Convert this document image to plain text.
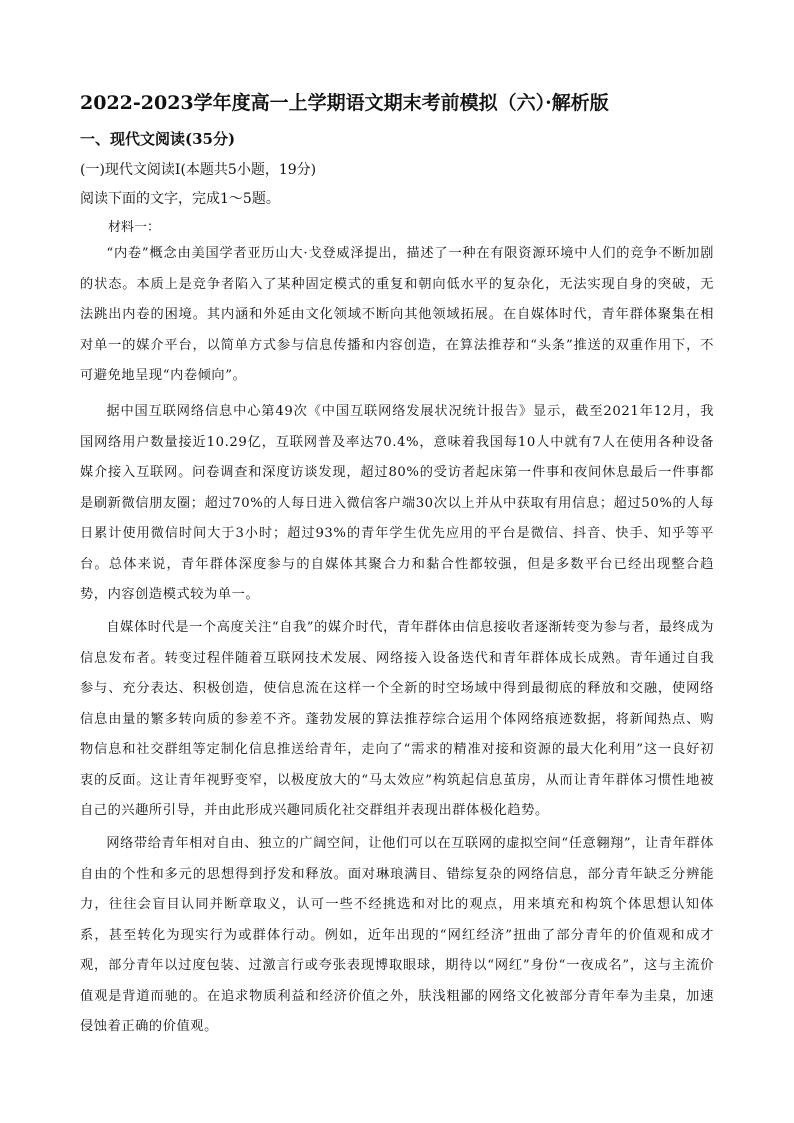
2022-2023学年度高一上学期语文期末考前模拟（六）·解析版
一、现代文阅读(35分)
(一)现代文阅读Ⅰ(本题共5小题，19分)
阅读下面的文字，完成1～5题。
材料一：

“内卷”概念由美国学者亚历山大·戈登威泽提出，描述了一种在有限资源环境中人们的竞争不断加剧的状态。本质上是竞争者陷入了某种固定模式的重复和朝向低水平的复杂化，无法实现自身的突破，无法跳出内卷的困境。其内涵和外延由文化领域不断向其他领域拓展。在自媒体时代，青年群体聚集在相对单一的媒介平台，以简单方式参与信息传播和内容创造，在算法推荐和“头条”推送的双重作用下，不可避免地呈现“内卷倾向”。

据中国互联网络信息中心第49次《中国互联网络发展状况统计报告》显示，截至2021年12月，我国网络用户数量接近10.29亿，互联网普及率达70.4%，意味着我国每10人中就有7人在使用各种设备媒介接入互联网。问卷调查和深度访谈发现，超过80%的受访者起床第一件事和夜间休息最后一件事都是刷新微信朋友圈；超过70%的人每日进入微信客户端30次以上并从中获取有用信息；超过50%的人每日累计使用微信时间大于3小时；超过93%的青年学生优先应用的平台是微信、抖音、快手、知乎等平台。总体来说，青年群体深度参与的自媒体其聚合力和黏合性都较强，但是多数平台已经出现整合趋势，内容创造模式较为单一。

自媒体时代是一个高度关注“自我”的媒介时代，青年群体由信息接收者逐渐转变为参与者，最终成为信息发布者。转变过程伴随着互联网技术发展、网络接入设备迭代和青年群体成长成熟。青年通过自我参与、充分表达、积极创造，使信息流在这样一个全新的时空场域中得到最彻底的释放和交融，使网络信息由量的繁多转向质的参差不齐。蓬勃发展的算法推荐综合运用个体网络痕迹数据，将新闻热点、购物信息和社交群组等定制化信息推送给青年，走向了“需求的精准对接和资源的最大化利用”这一良好初衷的反面。这让青年视野变窄，以极度放大的“马太效应”构筑起信息茧房，从而让青年群体习惯性地被自己的兴趣所引导，并由此形成兴趣同质化社交群组并表现出群体极化趋势。

网络带给青年相对自由、独立的广阔空间，让他们可以在互联网的虚拟空间“任意翱翔”，让青年群体自由的个性和多元的思想得到抒发和释放。面对琳琅满目、错综复杂的网络信息，部分青年缺乏分辨能力，往往会盲目认同并断章取义，认可一些不经挑选和对比的观点，用来填充和构筑个体思想认知体系，甚至转化为现实行为或群体行动。例如，近年出现的“网红经济”扭曲了部分青年的价值观和成才观，部分青年以过度包装、过激言行或夸张表现博取眼球，期待以“网红”身份“一夜成名”，这与主流价值观是背道而驰的。在追求物质利益和经济价值之外，肤浅粗鄙的网络文化被部分青年奉为圭臬，加速侵蚀着正确的价值观。
